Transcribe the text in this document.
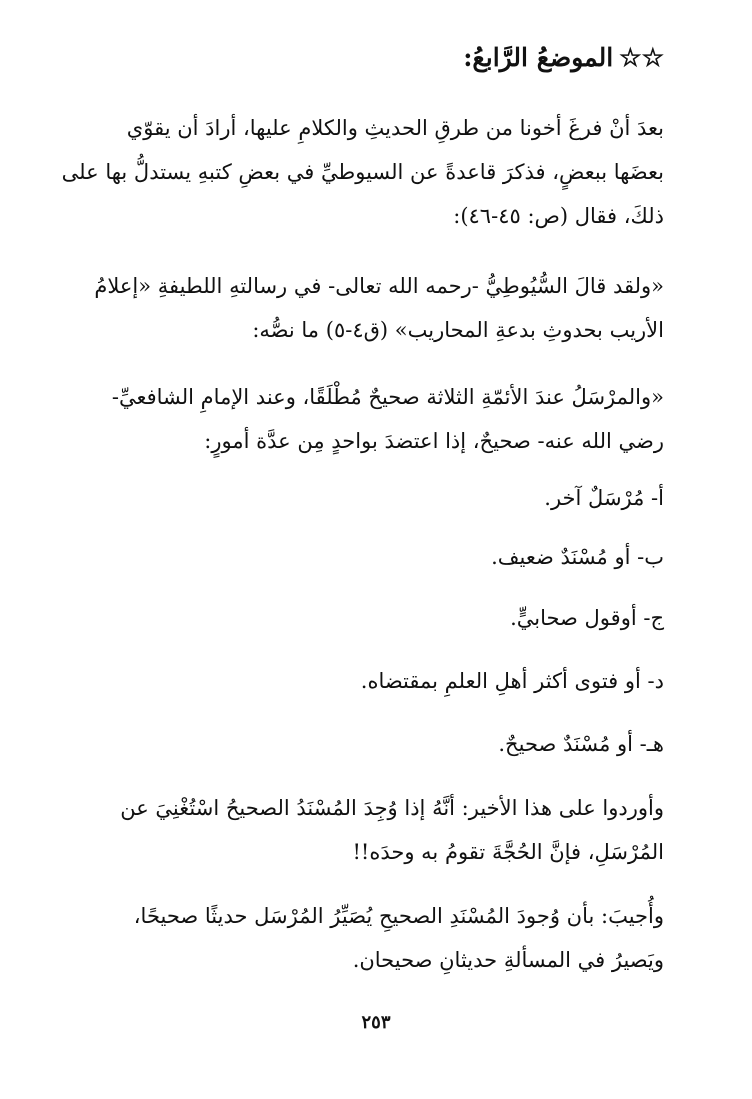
☆☆الموضعُ الرَّابعُ:
بعدَ أنْ فرغَ أخونا من طرقِ الحديثِ والكلامِ عليها، أرادَ أن يقوّي
بعضَها ببعضٍ، فذكرَ قاعدةً عن السيوطيِّ في بعضِ كتبهِ يستدلُّ بها على
ذلكَ، فقال (ص: ٤٥-٤٦):
«ولقد قالَ السُّيُوطِيُّ -رحمه الله تعالى- في رسالتهِ اللطيفةِ «إعلامُ
الأريب بحدوثِ بدعةِ المحاريب» (ق٤-٥) ما نصُّه:
«والمرْسَلُ عندَ الأئمّةِ الثلاثة صحيحٌ مُطْلَقًا، وعند الإمامِ الشافعيِّ-
رضي الله عنه- صحيحٌ، إذا اعتضدَ بواحدٍ مِن عدَّة أمورٍ:
أ- مُرْسَلٌ آخر.
ب- أو مُسْنَدٌ ضعيف.
ج- أوقول صحابيٍّ.
د- أو فتوى أكثر أهلِ العلمِ بمقتضاه.
هـ- أو مُسْنَدٌ صحيحٌ.
وأوردوا على هذا الأخير: أنَّهُ إذا وُجِدَ المُسْنَدُ الصحيحُ اسْتُغْنِيَ عن
المُرْسَلِ، فإنَّ الحُجَّةَ تقومُ به وحدَه!!
وأُجيبَ: بأن وُجودَ المُسْنَدِ الصحيحِ يُصَيِّرُ المُرْسَل حديثًا صحيحًا،
ويَصيرُ في المسألةِ حديثانِ صحيحان.
٢٥٣
